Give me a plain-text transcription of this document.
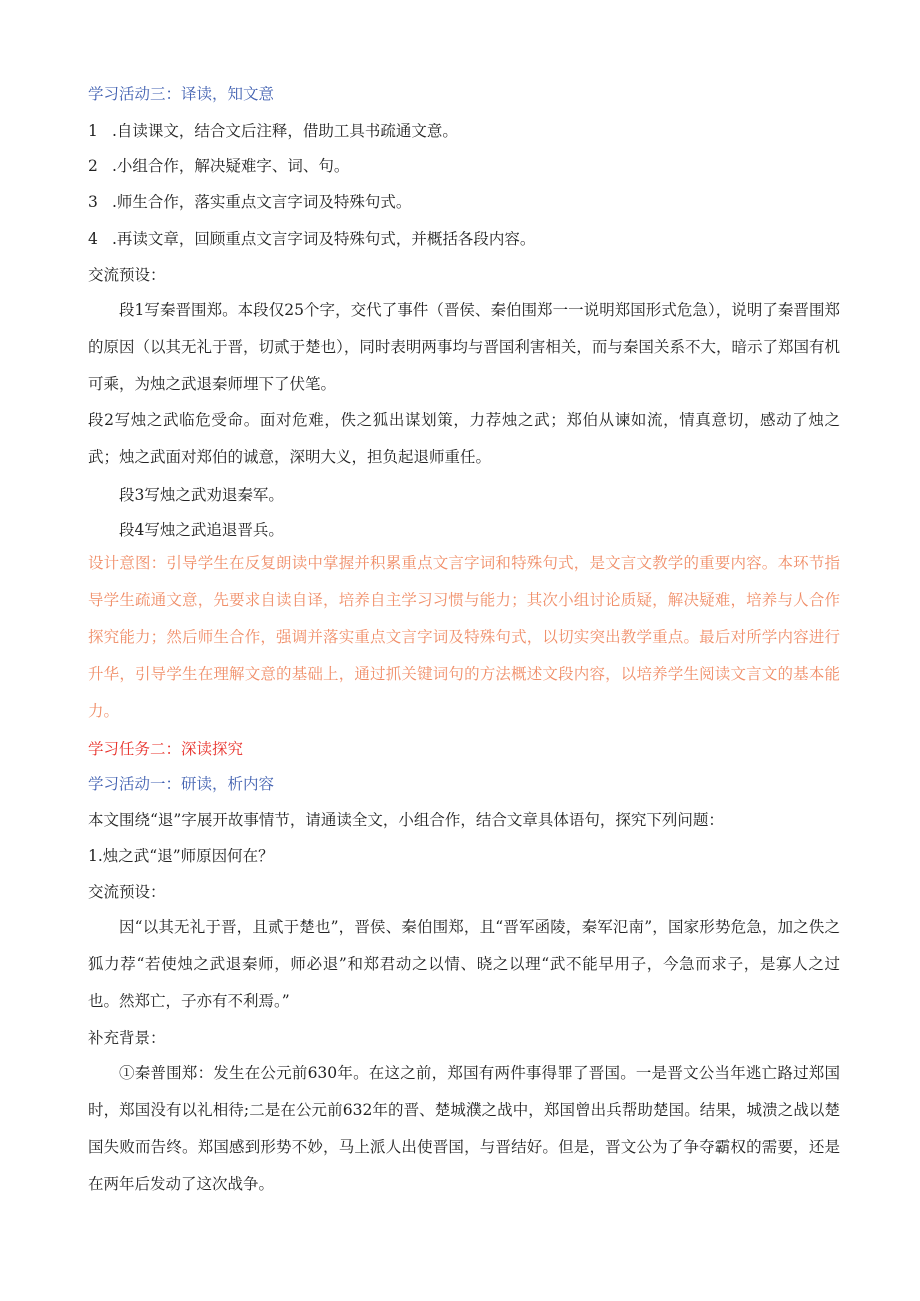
学习活动三：译读，知文意
1 .自读课文，结合文后注释，借助工具书疏通文意。
2 .小组合作，解决疑难字、词、句。
3 .师生合作，落实重点文言字词及特殊句式。
4 .再读文章，回顾重点文言字词及特殊句式，并概括各段内容。
交流预设：
段1写秦晋围郑。本段仅25个字，交代了事件（晋侯、秦伯围郑一一说明郑国形式危急），说明了秦晋围郑的原因（以其无礼于晋，切贰于楚也），同时表明两事均与晋国利害相关，而与秦国关系不大，暗示了郑国有机可乘，为烛之武退秦师埋下了伏笔。
段2写烛之武临危受命。面对危难，佚之狐出谋划策，力荐烛之武；郑伯从谏如流，情真意切，感动了烛之武；烛之武面对郑伯的诚意，深明大义，担负起退师重任。
段3写烛之武劝退秦军。
段4写烛之武追退晋兵。
设计意图：引导学生在反复朗读中掌握并积累重点文言字词和特殊句式，是文言文教学的重要内容。本环节指导学生疏通文意，先要求自读自译，培养自主学习习惯与能力；其次小组讨论质疑，解决疑难，培养与人合作探究能力；然后师生合作，强调并落实重点文言字词及特殊句式，以切实突出教学重点。最后对所学内容进行升华，引导学生在理解文意的基础上，通过抓关键词句的方法概述文段内容，以培养学生阅读文言文的基本能力。
学习任务二：深读探究
学习活动一：研读，析内容
本文围绕“退”字展开故事情节，请通读全文，小组合作，结合文章具体语句，探究下列问题：
1.烛之武“退”师原因何在？
交流预设：
因“以其无礼于晋，且贰于楚也”，晋侯、秦伯围郑，且“晋军函陵，秦军氾南”，国家形势危急，加之佚之狐力荐“若使烛之武退秦师，师必退”和郑君动之以情、晓之以理“武不能早用子，今急而求子，是寡人之过也。然郑亡，子亦有不利焉。”
补充背景：
①秦普围郑：发生在公元前630年。在这之前，郑国有两件事得罪了晋国。一是晋文公当年逃亡路过郑国时，郑国没有以礼相待;二是在公元前632年的晋、楚城濮之战中，郑国曾出兵帮助楚国。结果，城溃之战以楚国失败而告终。郑国感到形势不妙，马上派人出使晋国，与晋结好。但是，晋文公为了争夺霸权的需要，还是在两年后发动了这次战争。
